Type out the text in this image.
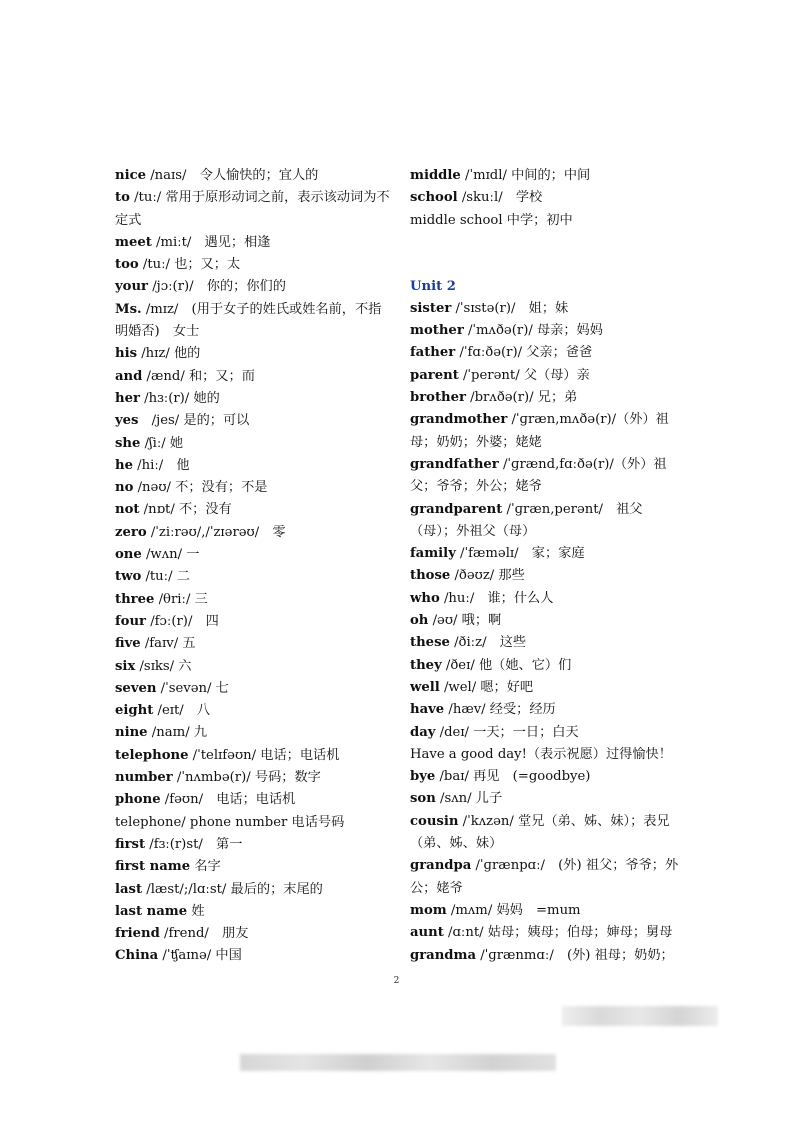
nice /naɪs/　令人愉快的；宜人的

to /tuː/ 常用于原形动词之前，表示该动词为不定式

meet /miːt/　遇见；相逢

too /tuː/ 也；又；太

your /jɔː(r)/　你的；你们的

Ms. /mɪz/　(用于女子的姓氏或姓名前，不指明婚否)　女士

his /hɪz/ 他的

and /ænd/ 和；又；而

her /hɜː(r)/ 她的

yes　/jes/ 是的；可以

she /ʃiː/ 她

he /hiː/　他

no /nəʊ/ 不；没有；不是

not /nɒt/ 不；没有

zero /ˈziːrəʊ/,/ˈzɪərəʊ/　零

one /wʌn/ 一

two /tuː/ 二

three /θriː/ 三

four /fɔː(r)/　四

five /faɪv/ 五

six /sɪks/ 六

seven /ˈsevən/ 七

eight /eɪt/　八

nine /naɪn/ 九

telephone /ˈtelɪfəʊn/ 电话；电话机

number /ˈnʌmbə(r)/ 号码；数字

phone /fəʊn/　电话；电话机

telephone/ phone number 电话号码

first /fɜː(r)st/　第一

first name 名字

last /læst/;/lɑːst/ 最后的；末尾的

last name 姓

friend /frend/　朋友

China /ˈʧaɪnə/ 中国

middle /ˈmɪdl/ 中间的；中间

school /skuːl/　学校

middle school 中学；初中

Unit 2

sister /ˈsɪstə(r)/　姐；妹

mother /ˈmʌðə(r)/ 母亲；妈妈

father /ˈfɑːðə(r)/ 父亲；爸爸

parent /ˈperənt/ 父（母）亲

brother /brʌðə(r)/ 兄；弟

grandmother /ˈɡræn,mʌðə(r)/（外）祖母；奶奶；外婆；姥姥

grandfather /ˈɡrænd,fɑːðə(r)/（外）祖父；爷爷；外公；姥爷

grandparent /ˈɡræn,perənt/　祖父（母）；外祖父（母）

family /ˈfæməlɪ/　家；家庭

those /ðəʊz/ 那些

who /huː/　谁；什么人

oh /əʊ/ 哦；啊

these /ðiːz/　这些

they /ðeɪ/ 他（她、它）们

well /wel/ 嗯；好吧

have /hæv/ 经受；经历

day /deɪ/ 一天；一日；白天

Have a good day!（表示祝愿）过得愉快！

bye /baɪ/ 再见　(=goodbye)

son /sʌn/ 儿子

cousin /ˈkʌzən/ 堂兄（弟、姊、妹）；表兄（弟、姊、妹）

grandpa /ˈɡrænpɑː/　(外) 祖父；爷爷；外公；姥爷

mom /mʌm/ 妈妈　=mum

aunt /ɑːnt/ 姑母；姨母；伯母；婶母；舅母

grandma /ˈɡrænmɑː/　(外) 祖母；奶奶；

2
